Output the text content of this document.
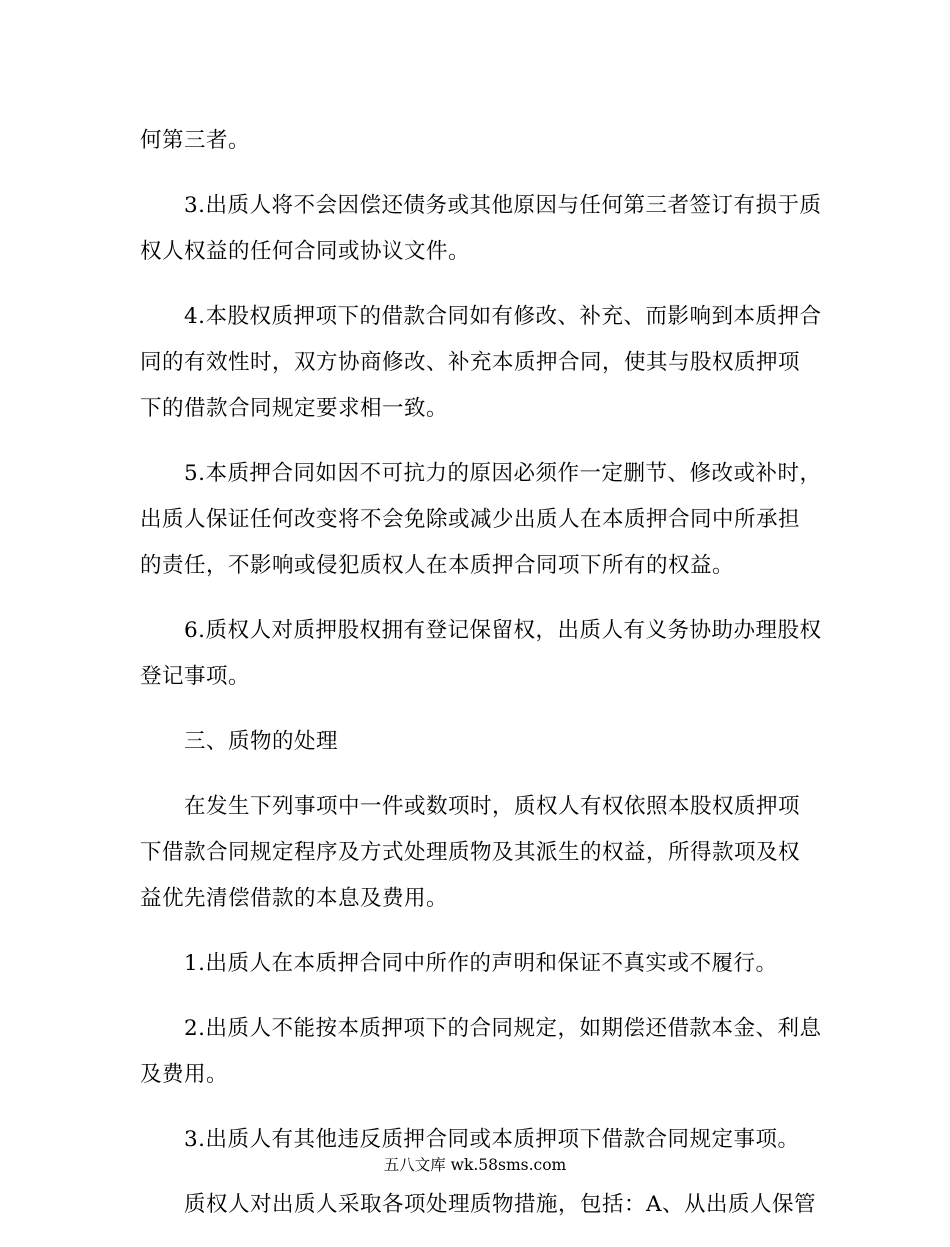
何第三者。

3.出质人将不会因偿还债务或其他原因与任何第三者签订有损于质
权人权益的任何合同或协议文件。

4.本股权质押项下的借款合同如有修改、补充、而影响到本质押合
同的有效性时，双方协商修改、补充本质押合同，使其与股权质押项
下的借款合同规定要求相一致。

5.本质押合同如因不可抗力的原因必须作一定删节、修改或补时，
出质人保证任何改变将不会免除或减少出质人在本质押合同中所承担
的责任，不影响或侵犯质权人在本质押合同项下所有的权益。

6.质权人对质押股权拥有登记保留权，出质人有义务协助办理股权
登记事项。

三、质物的处理

在发生下列事项中一件或数项时，质权人有权依照本股权质押项
下借款合同规定程序及方式处理质物及其派生的权益，所得款项及权
益优先清偿借款的本息及费用。

1.出质人在本质押合同中所作的声明和保证不真实或不履行。

2.出质人不能按本质押项下的合同规定，如期偿还借款本金、利息
及费用。

3.出质人有其他违反质押合同或本质押项下借款合同规定事项。

质权人对出质人采取各项处理质物措施，包括：A、从出质人保管

五八文库 wk.58sms.com
